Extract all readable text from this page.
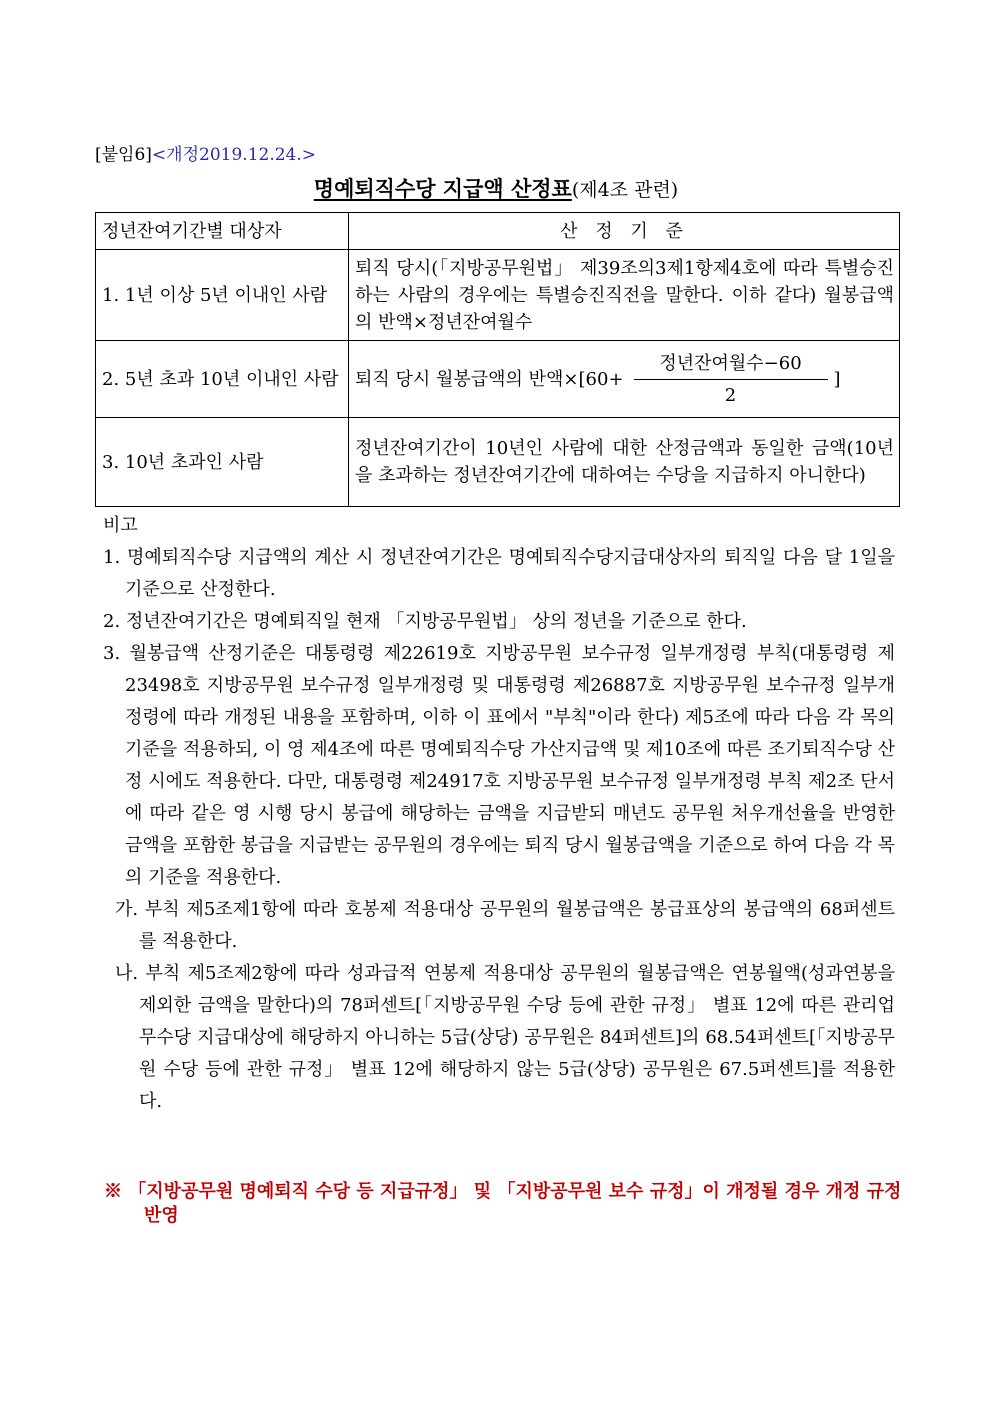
[붙임6]<개정2019.12.24.>
명예퇴직수당 지급액 산정표(제4조 관련)
정년잔여기간별 대상자	산 정 기 준

1. 1년 이상 5년 이내인 사람	퇴직 당시(「지방공무원법」 제39조의3제1항제4호에 따라 특별승진하는 사람의 경우에는 특별승진직전을 말한다. 이하 같다) 월봉급액의 반액×정년잔여월수

2. 5년 초과 10년 이내인 사람	퇴직 당시 월봉급액의 반액$\times[60+ \frac{\text{정년잔여월수−60}}{2}$ ]

3. 10년 초과인 사람	정년잔여기간이 10년인 사람에 대한 산정금액과 동일한 금액(10년을 초과하는 정년잔여기간에 대하여는 수당을 지급하지 아니한다)

비고

1. 명예퇴직수당 지급액의 계산 시 정년잔여기간은 명예퇴직수당지급대상자의 퇴직일 다음 달 1일을 기준으로 산정한다.

2. 정년잔여기간은 명예퇴직일 현재 「지방공무원법」 상의 정년을 기준으로 한다.

3. 월봉급액 산정기준은 대통령령 제22619호 지방공무원 보수규정 일부개정령 부칙(대통령령 제23498호 지방공무원 보수규정 일부개정령 및 대통령령 제26887호 지방공무원 보수규정 일부개정령에 따라 개정된 내용을 포함하며, 이하 이 표에서 "부칙"이라 한다) 제5조에 따라 다음 각 목의 기준을 적용하되, 이 영 제4조에 따른 명예퇴직수당 가산지급액 및 제10조에 따른 조기퇴직수당 산정 시에도 적용한다. 다만, 대통령령 제24917호 지방공무원 보수규정 일부개정령 부칙 제2조 단서에 따라 같은 영 시행 당시 봉급에 해당하는 금액을 지급받되 매년도 공무원 처우개선율을 반영한 금액을 포함한 봉급을 지급받는 공무원의 경우에는 퇴직 당시 월봉급액을 기준으로 하여 다음 각 목의 기준을 적용한다.

가. 부칙 제5조제1항에 따라 호봉제 적용대상 공무원의 월봉급액은 봉급표상의 봉급액의 68퍼센트를 적용한다.

나. 부칙 제5조제2항에 따라 성과급적 연봉제 적용대상 공무원의 월봉급액은 연봉월액(성과연봉을 제외한 금액을 말한다)의 78퍼센트[「지방공무원 수당 등에 관한 규정」 별표 12에 따른 관리업무수당 지급대상에 해당하지 아니하는 5급(상당) 공무원은 84퍼센트]의 68.54퍼센트[「지방공무원 수당 등에 관한 규정」 별표 12에 해당하지 않는 5급(상당) 공무원은 67.5퍼센트]를 적용한다.

※ 「지방공무원 명예퇴직 수당 등 지급규정」 및 「지방공무원 보수 규정」이 개정될 경우 개정 규정 반영
